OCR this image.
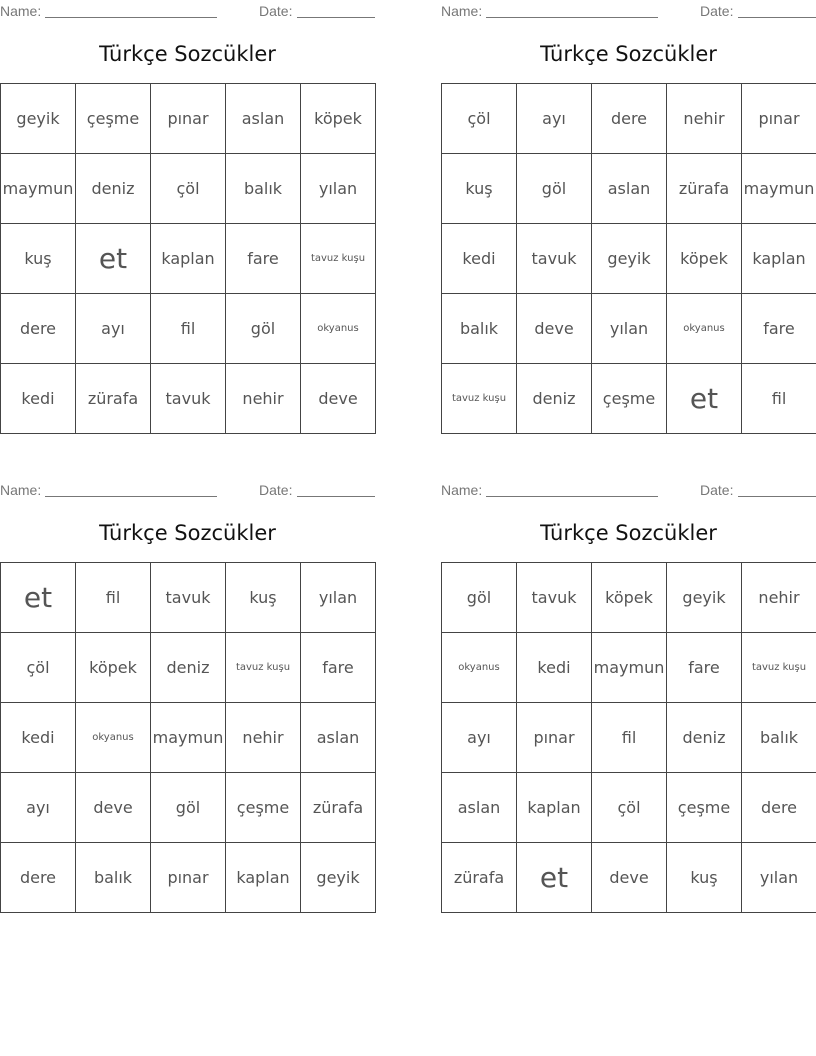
Name:	Date:
Türkçe Sozcükler
geyik	çeşme	pınar	aslan	köpek
maymun	deniz	çöl	balık	yılan
kuş	et	kaplan	fare	tavuz kuşu
dere	ayı	fil	göl	okyanus
kedi	zürafa	tavuk	nehir	deve
Name:	Date:
Türkçe Sozcükler
çöl	ayı	dere	nehir	pınar
kuş	göl	aslan	zürafa	maymun
kedi	tavuk	geyik	köpek	kaplan
balık	deve	yılan	okyanus	fare
tavuz kuşu	deniz	çeşme	et	fil
Name:	Date:
Türkçe Sozcükler
et	fil	tavuk	kuş	yılan
çöl	köpek	deniz	tavuz kuşu	fare
kedi	okyanus	maymun	nehir	aslan
ayı	deve	göl	çeşme	zürafa
dere	balık	pınar	kaplan	geyik
Name:	Date:
Türkçe Sozcükler
göl	tavuk	köpek	geyik	nehir
okyanus	kedi	maymun	fare	tavuz kuşu
ayı	pınar	fil	deniz	balık
aslan	kaplan	çöl	çeşme	dere
zürafa	et	deve	kuş	yılan
